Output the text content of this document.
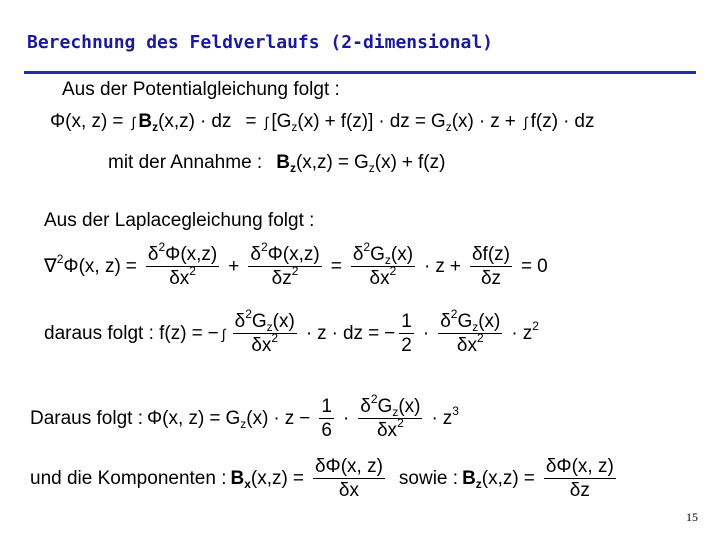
Berechnung des Feldverlaufs (2-dimensional)
Aus der Potentialgleichung folgt :
Φ(x, z) = ∫ B z (x,z) · dz = ∫ [G z (x) + f(z)] · dz = G z (x) · z + ∫ f(z) · dz
mit der Annahme : B z (x,z) = G z (x) + f(z)
Aus der Laplacegleichung folgt :
∇ 2 Φ(x, $z) = \frac{\delta 2 \Phi(x,z)}{\delta x 2} + \frac{\delta 2 \Phi(x,z)}{\delta z 2} = \frac{\text{δ 2 G z (x)}}{\delta x 2} \cdot z + \frac{\delta f(z)}{\delta z} = 0$
daraus folgt : f(z) = − ∫ $\frac{\text{δ 2 G z (x)}}{\delta x 2} \cdot z$ · dz = − $\frac{1}{2} \cdot \frac{\text{δ 2 G z (x)}}{\delta x 2} \cdot z$ 2
Daraus folgt : Φ(x, z) = G z $(x) \cdot z - \frac{1}{6} \cdot \frac{\text{δ 2 G z (x)}}{\delta x 2} \cdot z$ 3
und die Komponenten : B x $(x,z) = \frac{\delta\Phi(x, z)}{\delta x}$ sowie : B z $(x,z) = \frac{\delta\Phi(x, z)}{\delta z}$
15
